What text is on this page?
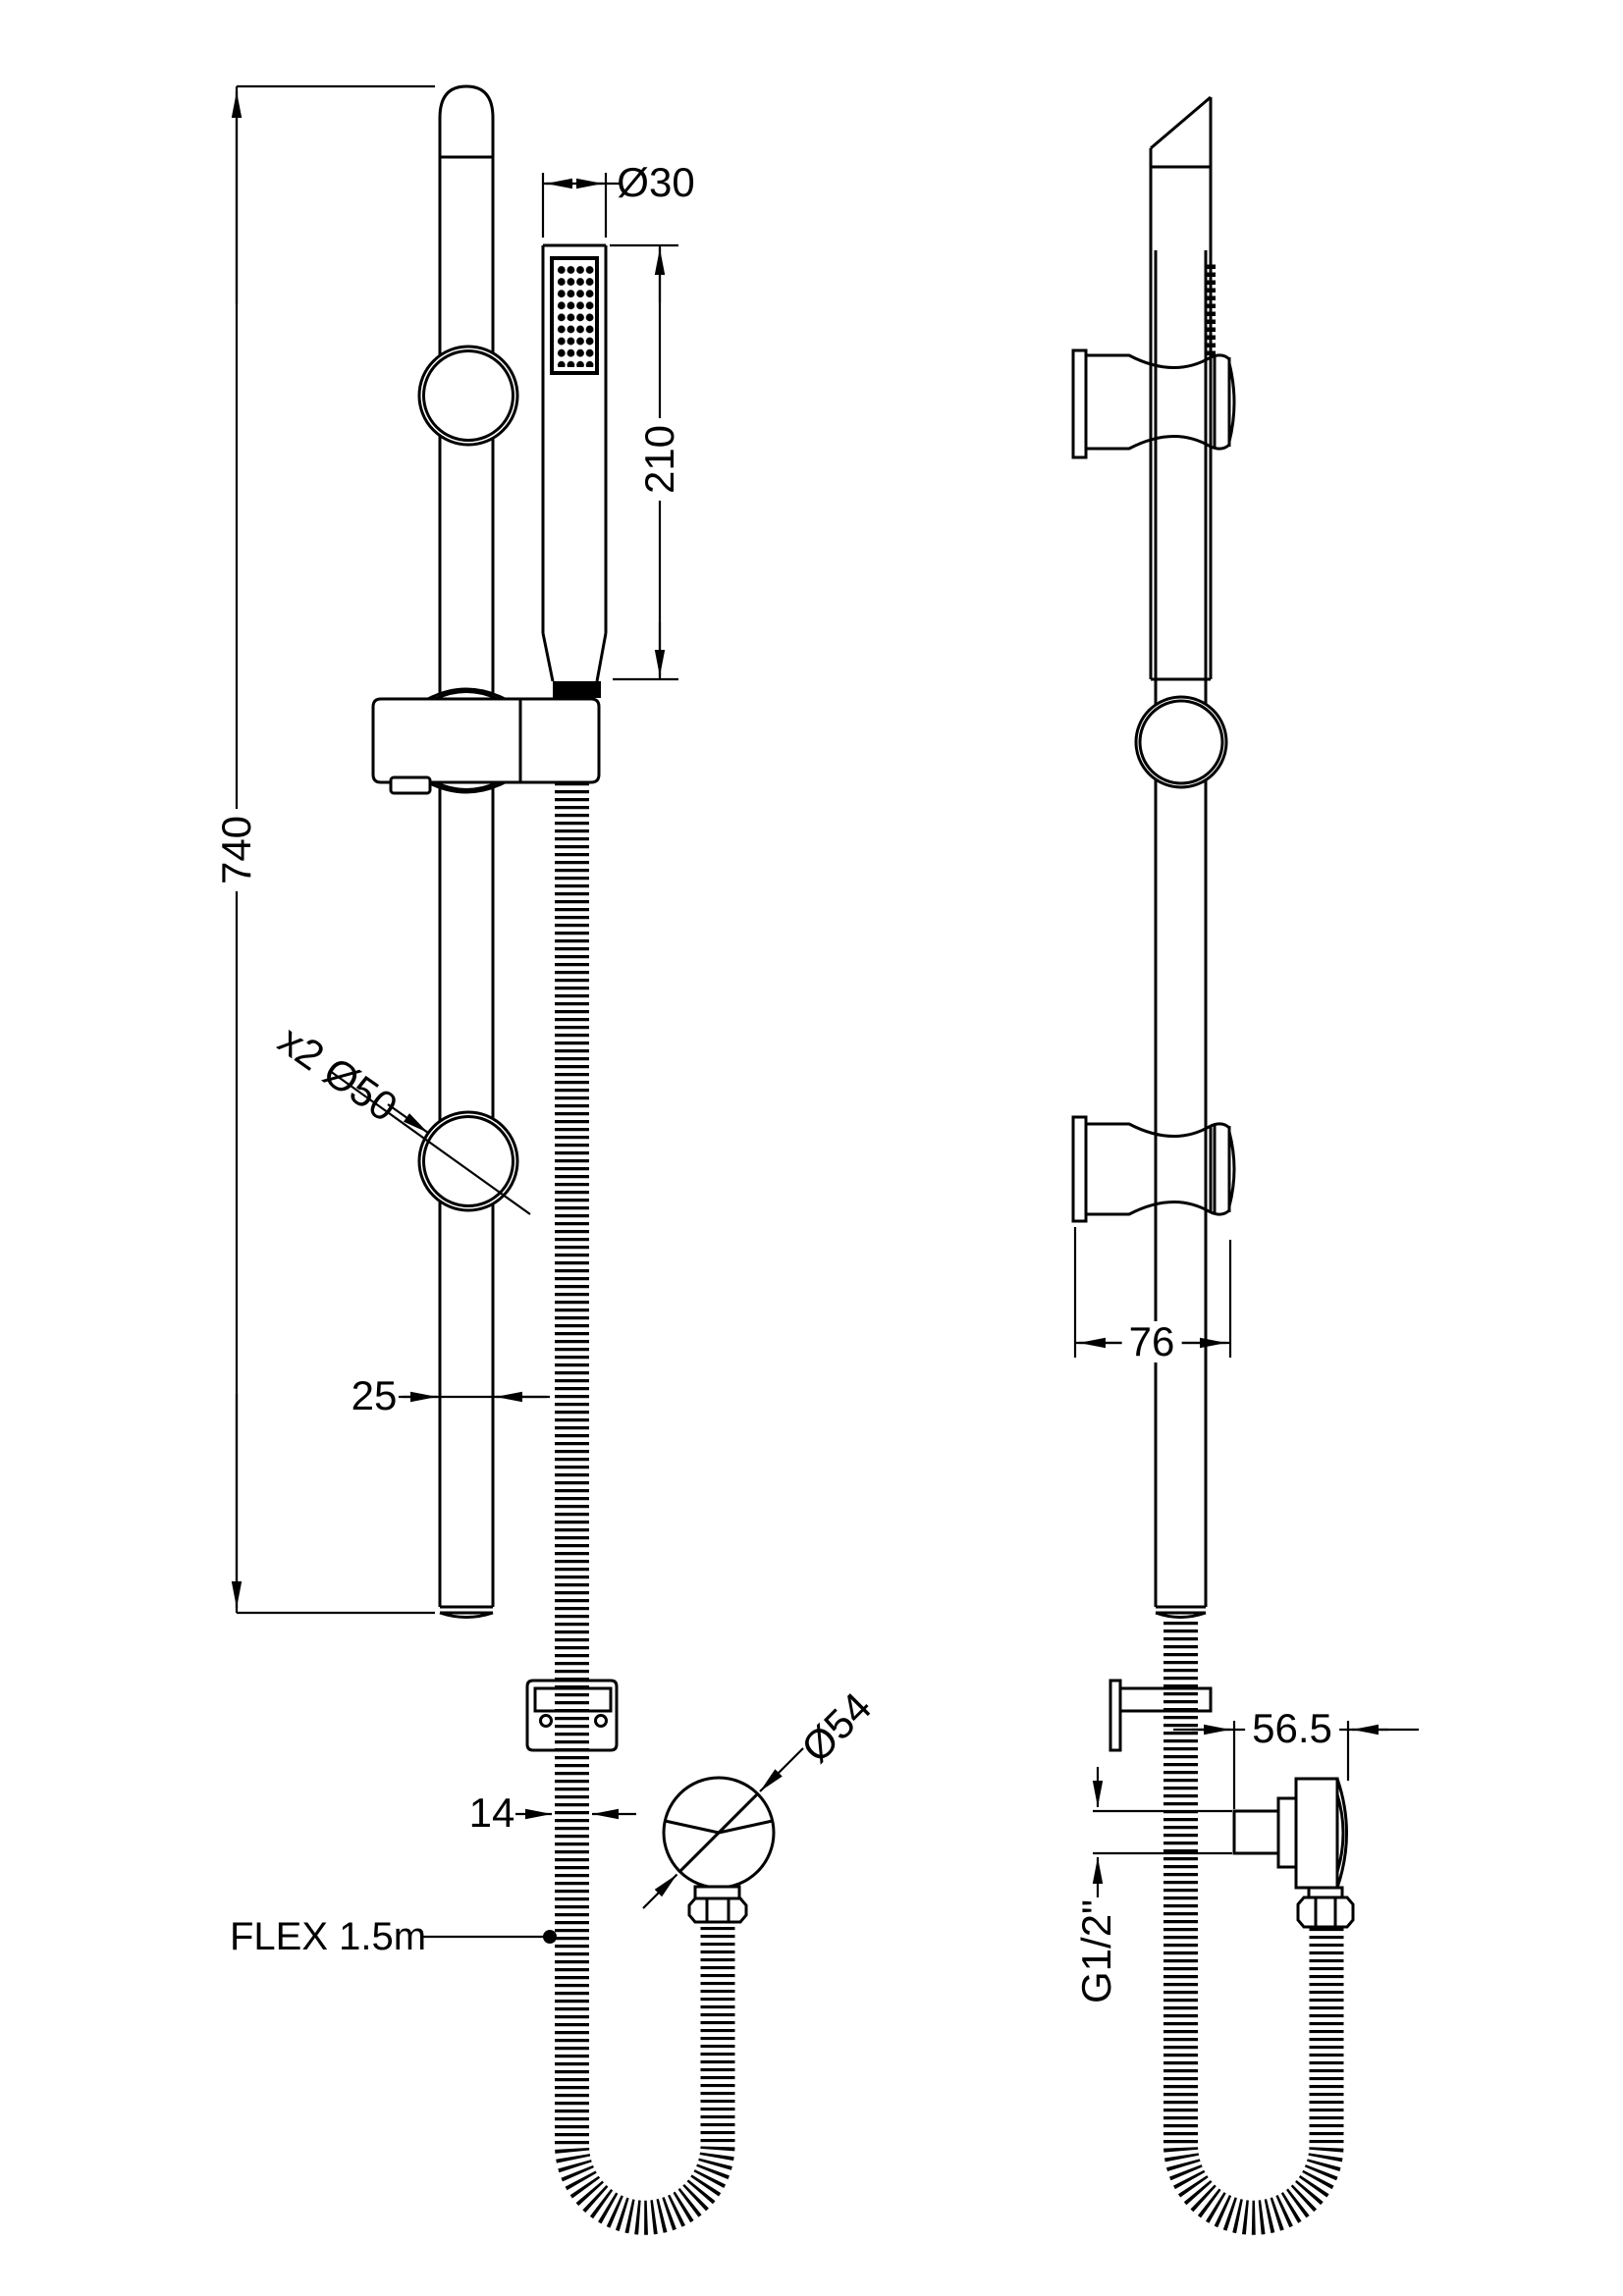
Ø30
210
740
x2 Ø50
25
14
Ø54
FLEX 1.5m
76
56.5
G1/2"
